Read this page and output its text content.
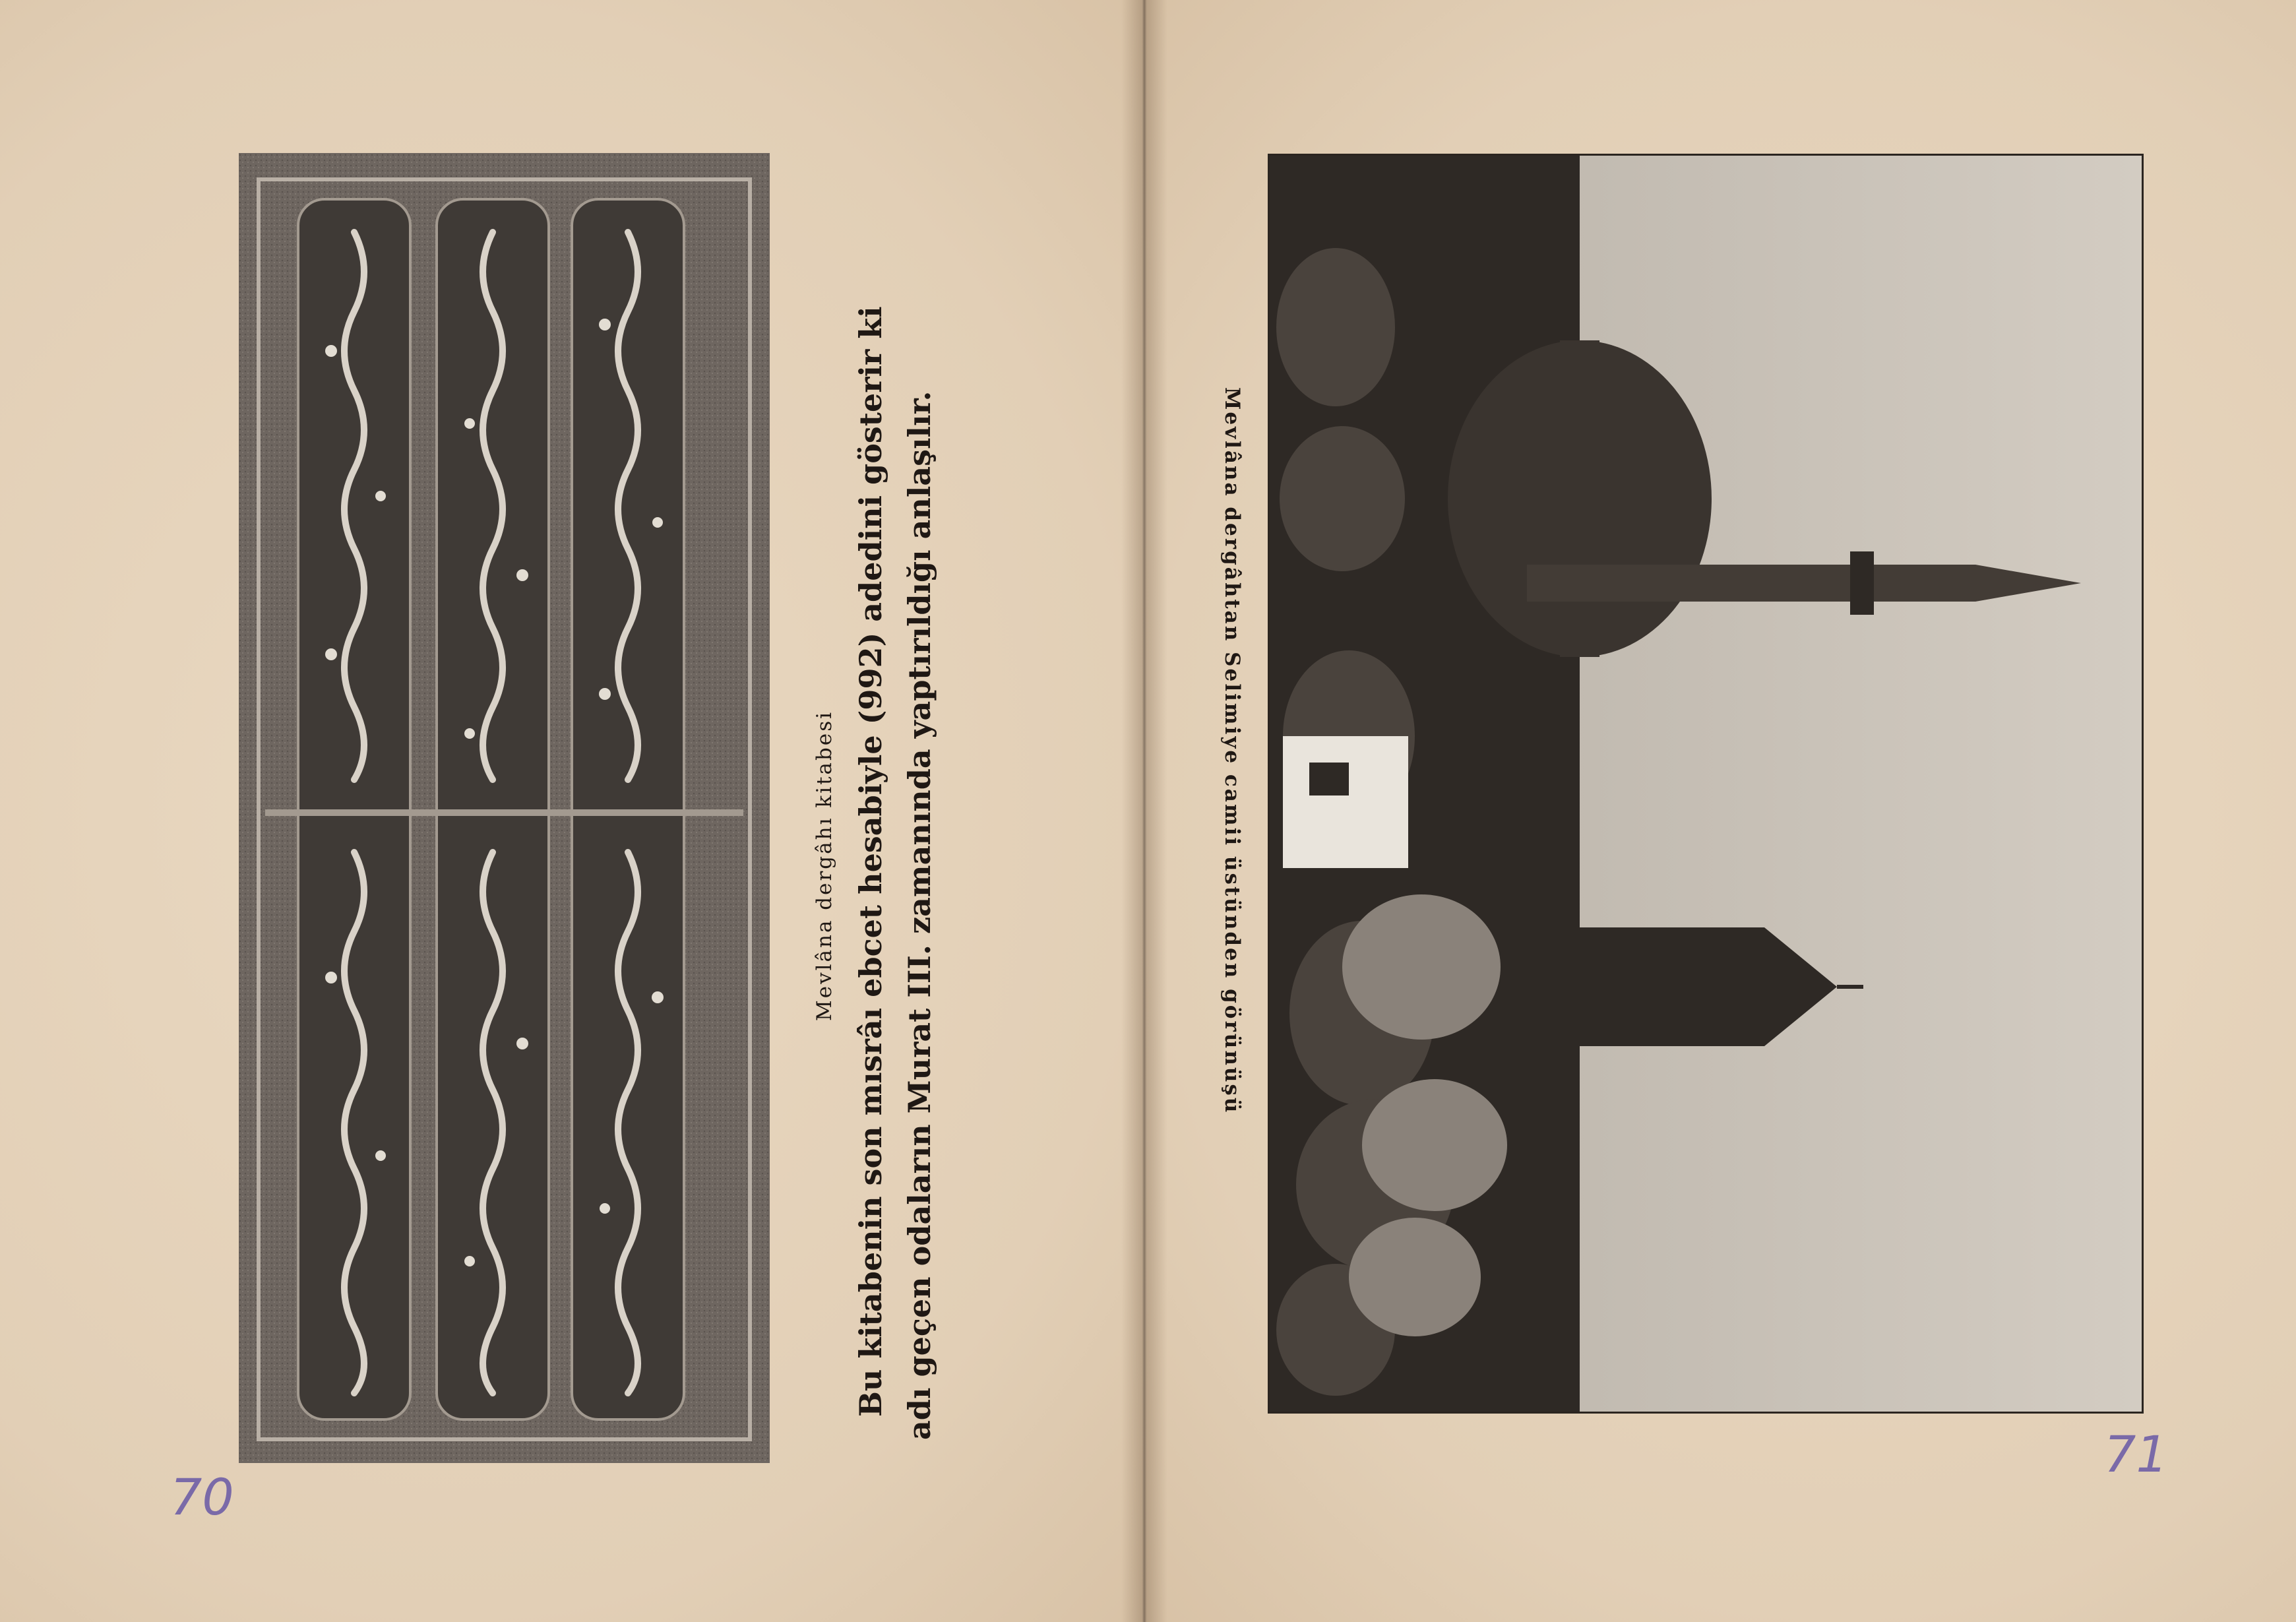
Mevlâna dergâhı kitabesi Bu kitabenin son mısrâı ebcet hesabiyle (992) adedini gösterir ki adı geçen odaların Murat III. zamanında yaptırıldığı anlaşılır.
70
Mevlâna dergâhtan Selimiye camii üstünden görünüşü
71
